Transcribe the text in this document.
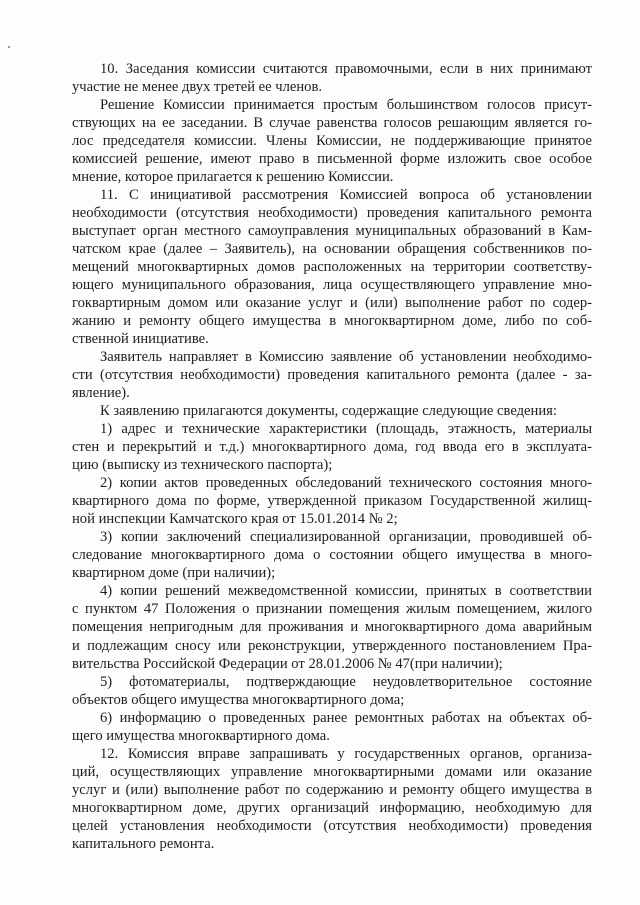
10. Заседания комиссии считаются правомочными, если в них принимают
участие не менее двух третей ее членов.
Решение Комиссии принимается простым большинством голосов присут-
ствующих на ее заседании. В случае равенства голосов решающим является го-
лос председателя комиссии. Члены Комиссии, не поддерживающие принятое
комиссией решение, имеют право в письменной форме изложить свое особое
мнение, которое прилагается к решению Комиссии.
11. С инициативой рассмотрения Комиссией вопроса об установлении
необходимости (отсутствия необходимости) проведения капитального ремонта
выступает орган местного самоуправления муниципальных образований в Кам-
чатском крае (далее – Заявитель), на основании обращения собственников по-
мещений многоквартирных домов расположенных на территории соответству-
ющего муниципального образования, лица осуществляющего управление мно-
гоквартирным домом или оказание услуг и (или) выполнение работ по содер-
жанию и ремонту общего имущества в многоквартирном доме, либо по соб-
ственной инициативе.
Заявитель направляет в Комиссию заявление об установлении необходимо-
сти (отсутствия необходимости) проведения капитального ремонта (далее - за-
явление).
К заявлению прилагаются документы, содержащие следующие сведения:
1) адрес и технические характеристики (площадь, этажность, материалы
стен и перекрытий и т.д.) многоквартирного дома, год ввода его в эксплуата-
цию (выписку из технического паспорта);
2) копии актов проведенных обследований технического состояния много-
квартирного дома по форме, утвержденной приказом Государственной жилищ-
ной инспекции Камчатского края от 15.01.2014 № 2;
3) копии заключений специализированной организации, проводившей об-
следование многоквартирного дома о состоянии общего имущества в много-
квартирном доме (при наличии);
4) копии решений межведомственной комиссии, принятых в соответствии
с пунктом 47 Положения о признании помещения жилым помещением, жилого
помещения непригодным для проживания и многоквартирного дома аварийным
и подлежащим сносу или реконструкции, утвержденного постановлением Пра-
вительства Российской Федерации от 28.01.2006 № 47(при наличии);
5) фотоматериалы, подтверждающие неудовлетворительное состояние
объектов общего имущества многоквартирного дома;
6) информацию о проведенных ранее ремонтных работах на объектах об-
щего имущества многоквартирного дома.
12. Комиссия вправе запрашивать у государственных органов, организа-
ций, осуществляющих управление многоквартирными домами или оказание
услуг и (или) выполнение работ по содержанию и ремонту общего имущества в
многоквартирном доме, других организаций информацию, необходимую для
целей установления необходимости (отсутствия необходимости) проведения
капитального ремонта.
